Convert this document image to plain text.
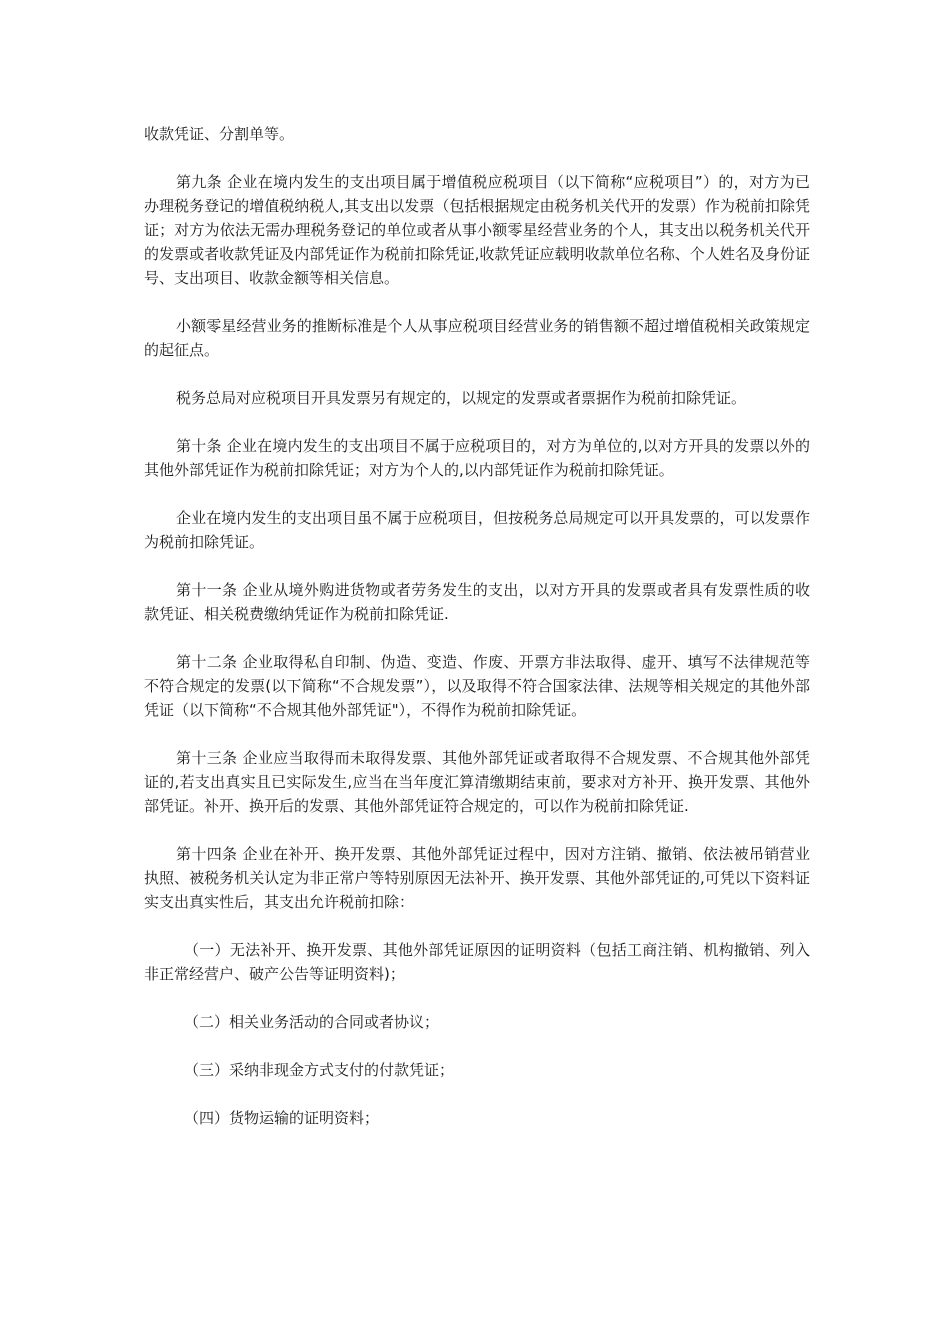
收款凭证、分割单等。

第九条 企业在境内发生的支出项目属于增值税应税项目（以下简称“应税项目”）的，对方为已办理税务登记的增值税纳税人,其支出以发票（包括根据规定由税务机关代开的发票）作为税前扣除凭证；对方为依法无需办理税务登记的单位或者从事小额零星经营业务的个人，其支出以税务机关代开的发票或者收款凭证及内部凭证作为税前扣除凭证,收款凭证应载明收款单位名称、个人姓名及身份证号、支出项目、收款金额等相关信息。

小额零星经营业务的推断标准是个人从事应税项目经营业务的销售额不超过增值税相关政策规定的起征点。

税务总局对应税项目开具发票另有规定的，以规定的发票或者票据作为税前扣除凭证。

第十条 企业在境内发生的支出项目不属于应税项目的，对方为单位的,以对方开具的发票以外的其他外部凭证作为税前扣除凭证；对方为个人的,以内部凭证作为税前扣除凭证。

企业在境内发生的支出项目虽不属于应税项目，但按税务总局规定可以开具发票的，可以发票作为税前扣除凭证。

第十一条 企业从境外购进货物或者劳务发生的支出，以对方开具的发票或者具有发票性质的收款凭证、相关税费缴纳凭证作为税前扣除凭证.

第十二条 企业取得私自印制、伪造、变造、作废、开票方非法取得、虚开、填写不法律规范等不符合规定的发票(以下简称“不合规发票”），以及取得不符合国家法律、法规等相关规定的其他外部凭证（以下简称“不合规其他外部凭证"），不得作为税前扣除凭证。

第十三条 企业应当取得而未取得发票、其他外部凭证或者取得不合规发票、不合规其他外部凭证的,若支出真实且已实际发生,应当在当年度汇算清缴期结束前，要求对方补开、换开发票、其他外部凭证。补开、换开后的发票、其他外部凭证符合规定的，可以作为税前扣除凭证.

第十四条 企业在补开、换开发票、其他外部凭证过程中，因对方注销、撤销、依法被吊销营业执照、被税务机关认定为非正常户等特别原因无法补开、换开发票、其他外部凭证的,可凭以下资料证实支出真实性后，其支出允许税前扣除：

（一）无法补开、换开发票、其他外部凭证原因的证明资料（包括工商注销、机构撤销、列入非正常经营户、破产公告等证明资料)；

（二）相关业务活动的合同或者协议；

（三）采纳非现金方式支付的付款凭证；

（四）货物运输的证明资料；
